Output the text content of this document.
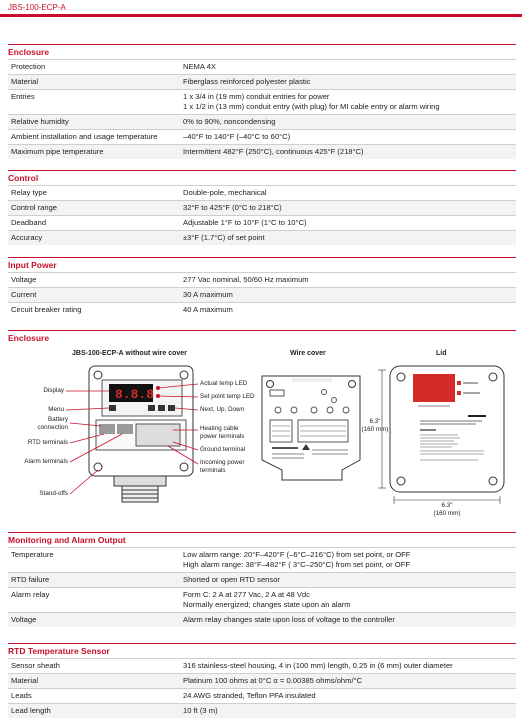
JBS-100-ECP-A
Enclosure
Protection	NEMA 4X
Material	Fiberglass reinforced polyester plastic
Entries	1 x 3/4 in (19 mm) conduit entries for power
1 x 1/2 in (13 mm) conduit entry (with plug) for MI cable entry or alarm wiring
Relative humidity	0% to 90%, noncondensing
Ambient installation and usage temperature	–40°F to 140°F (–40°C to 60°C)
Maximum pipe temperature	Intermittent 482°F (250°C), continuous 425°F (218°C)
Control
Relay type	Double-pole, mechanical
Control range	32°F to 425°F (0°C to 218°C)
Deadband	Adjustable 1°F to 10°F (1°C to 10°C)
Accuracy	±3°F (1.7°C) of set point
Input Power
Voltage	277 Vac nominal, 50/60 Hz maximum
Current	30 A maximum
Circuit breaker rating	40 A maximum
Enclosure
JBS-100-ECP-A without wire cover	Wire cover	Lid
8.8.8
Display
Menu
Battery
connection
RTD terminals
Alarm terminals
Stand-offs
Actual temp LED
Set point temp LED
Next, Up, Down
Heating cable
power terminals
Ground terminal
Incoming power
terminals
6.3"
(160 mm)
6.3"
(160 mm)
Monitoring and Alarm Output
Temperature	Low alarm range: 20°F–420°F (–6°C–216°C) from set point, or OFF
High alarm range: 38°F–482°F ( 3°C–250°C) from set point, or OFF
RTD failure	Shorted or open RTD sensor
Alarm relay	Form C: 2 A at 277 Vac, 2 A at 48 Vdc
Normally energized; changes state upon an alarm
Voltage	Alarm relay changes state upon loss of voltage to the controller
RTD Temperature Sensor
Sensor sheath	316 stainless-steel housing, 4 in (100 mm) length, 0.25 in (6 mm) outer diameter
Material	Platinum 100 ohms at 0°C α = 0.00385 ohms/ohm/°C
Leads	24 AWG stranded, Teflon PFA insulated
Lead length	10 ft (3 m)
